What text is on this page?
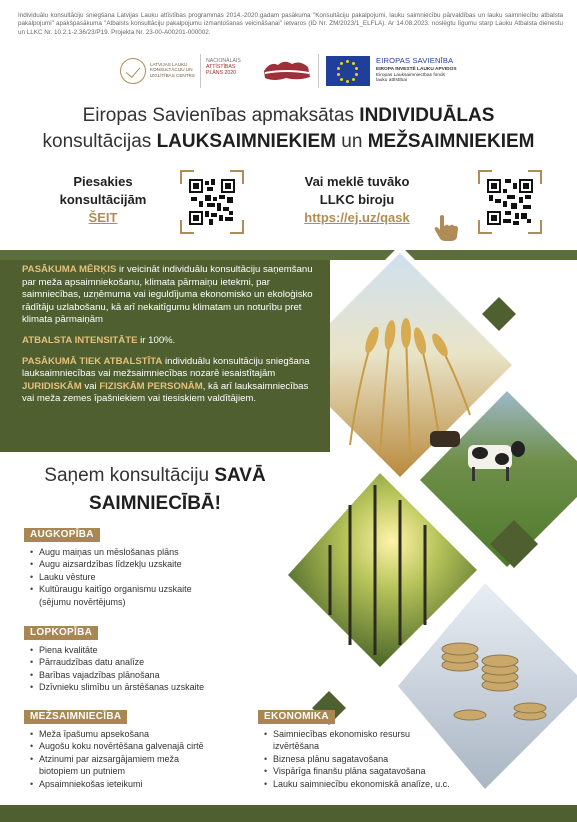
Individuālu konsultāciju sniegšana Latvijas Lauku attīstības programmas 2014.-2020.gadam pasākuma "Konsultāciju pakalpojumi, lauku saimniecību pārvaldības un lauku saimniecību atbalsta pakalpojumi" apakšpasākuma "Atbalsts konsultāciju pakalpojumu izmantošanas veicināšanai" ietvaros (ID Nr. ZM/2023/1_ELFLA). Ar 14.08.2023. noslēgtu līgumu starp Lauku Atbalsta dienestu un LLKC Nr. 10.2.1-2.36/23/P19. Projekta Nr. 23-00-A00201-000002.
LATVIJAS LAUKU KONSULTĀCIJU UN IZGLĪTĪBAS CENTRS
NACIONĀLAIS
ATTĪSTĪBAS
PLĀNS 2020
EIROPAS SAVIENĪBA
EIROPA INVESTĒ LAUKU APVIDOS
Eiropas Lauksaimniecības fonds
lauku attīstībai
Eiropas Savienības apmaksātas INDIVIDUĀLAS
konsultācijas LAUKSAIMNIEKIEM un MEŽSAIMNIEKIEM
Piesakies
konsultācijām
ŠEIT
Vai meklē tuvāko
LLKC biroju
https://ej.uz/qask

PASĀKUMA MĒRĶIS ir veicināt individuālu konsultāciju saņemšanu par meža apsaimniekošanu, klimata pārmaiņu ietekmi, par saimniecības, uzņēmuma vai ieguldījuma ekonomisko un ekoloģisko rādītāju uzlabošanu, kā arī nekaitīgumu klimatam un noturību pret klimata pārmaiņām

ATBALSTA INTENSITĀTE ir 100%.

PASĀKUMĀ TIEK ATBALSTĪTA individuālu konsultāciju sniegšana lauksaimniecības vai mežsaimniecības nozarē iesaistītajām JURIDISKĀM vai FIZISKĀM PERSONĀM, kā arī lauksaimniecības vai meža zemes īpašniekiem vai tiesiskiem valdītājiem.

Saņem konsultāciju SAVĀ
SAIMNIECĪBĀ!
AUGKOPĪBA
• Augu maiņas un mēslošanas plāns
• Augu aizsardzības līdzekļu uzskaite
• Lauku vēsture
• Kultūraugu kaitīgo organismu uzskaite
(sējumu novērtējums)
LOPKOPĪBA
• Piena kvalitāte
• Pārraudzības datu analīze
• Barības vajadzības plānošana
• Dzīvnieku slimību un ārstēšanas uzskaite
MEŽSAIMNIECĪBA
• Meža īpašumu apsekošana
• Augošu koku novērtēšana galvenajā cirtē
• Atzinumi par aizsargājamiem meža
biotopiem un putniem
• Apsaimniekošas ieteikumi
EKONOMIKA
• Saimniecības ekonomisko resursu
izvērtēšana
• Biznesa plānu sagatavošana
• Vispārīga finanšu plāna sagatavošana
• Lauku saimniecību ekonomiskā analīze, u.c.
